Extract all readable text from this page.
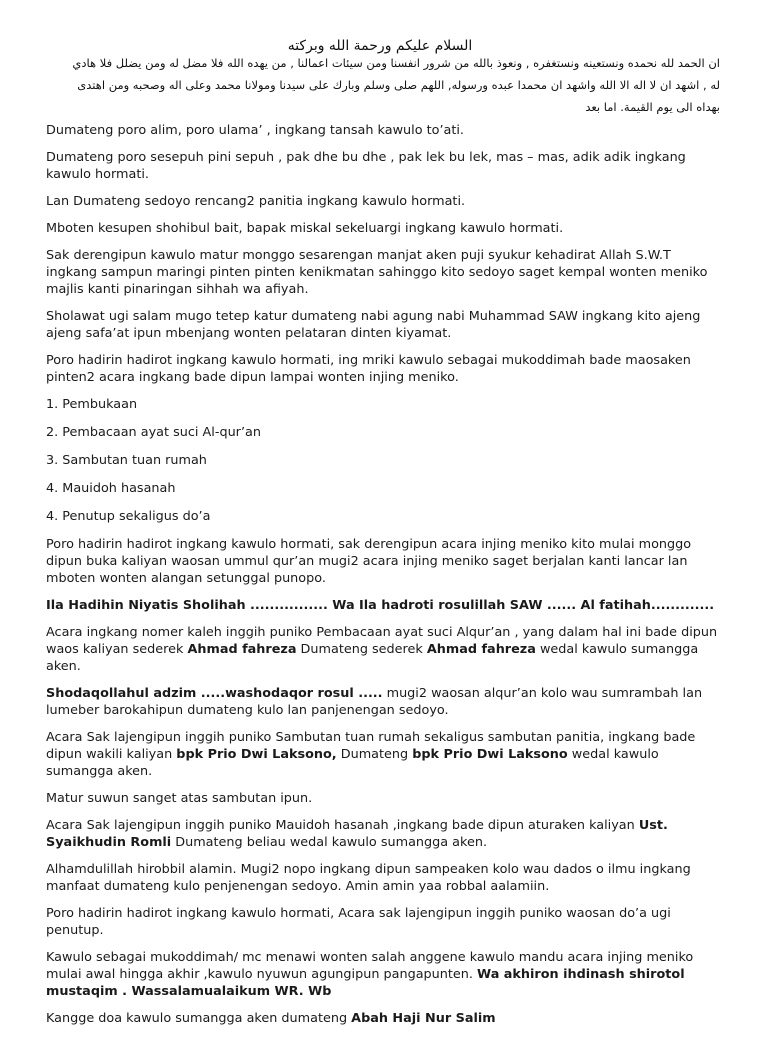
السلام عليكم ورحمة الله وبركته
ان الحمد لله نحمده ونستعينه ونستغفره , ونعوذ بالله من شرور انفسنا ومن سيئات اعمالنا , من يهده الله فلا مضل له ومن يضلل فلا هادي
له , اشهد ان لا اله الا الله واشهد ان محمدا عبده ورسوله, اللهم صلى وسلم وبارك على سيدنا ومولانا محمد وعلى اله وصحبه ومن اهتدى
بهداه الى يوم القيمة. اما بعد

Dumateng poro alim, poro ulama’ , ingkang tansah kawulo to’ati.

Dumateng poro sesepuh pini sepuh , pak dhe bu dhe , pak lek bu lek, mas – mas, adik adik ingkang kawulo hormati.

Lan Dumateng sedoyo rencang2 panitia ingkang kawulo hormati.

Mboten kesupen shohibul bait, bapak miskal sekeluargi ingkang kawulo hormati.

Sak derengipun kawulo matur monggo sesarengan manjat aken puji syukur kehadirat Allah S.W.T ingkang sampun maringi pinten pinten kenikmatan sahinggo kito sedoyo saget kempal wonten meniko majlis kanti pinaringan sihhah wa afiyah.

Sholawat ugi salam mugo tetep katur dumateng nabi agung nabi Muhammad SAW ingkang kito ajeng ajeng safa’at ipun mbenjang wonten pelataran dinten kiyamat.

Poro hadirin hadirot ingkang kawulo hormati, ing mriki kawulo sebagai mukoddimah bade maosaken pinten2 acara ingkang bade dipun lampai wonten injing meniko.

1. Pembukaan

2. Pembacaan ayat suci Al-qur’an

3. Sambutan tuan rumah

4. Mauidoh hasanah

4. Penutup sekaligus do’a

Poro hadirin hadirot ingkang kawulo hormati, sak derengipun acara injing meniko kito mulai monggo dipun buka kaliyan waosan ummul qur’an mugi2 acara injing meniko saget berjalan kanti lancar lan mboten wonten alangan setunggal punopo.

Ila Hadihin Niyatis Sholihah ................ Wa Ila hadroti rosulillah SAW ...... Al fatihah.............

Acara ingkang nomer kaleh inggih puniko Pembacaan ayat suci Alqur’an , yang dalam hal ini bade dipun waos kaliyan sederek Ahmad fahreza Dumateng sederek Ahmad fahreza wedal kawulo sumangga aken.

Shodaqollahul adzim .....washodaqor rosul ..... mugi2 waosan alqur’an kolo wau sumrambah lan lumeber barokahipun dumateng kulo lan panjenengan sedoyo.

Acara Sak lajengipun inggih puniko Sambutan tuan rumah sekaligus sambutan panitia, ingkang bade dipun wakili kaliyan bpk Prio Dwi Laksono, Dumateng bpk Prio Dwi Laksono wedal kawulo sumangga aken.

Matur suwun sanget atas sambutan ipun.

Acara Sak lajengipun inggih puniko Mauidoh hasanah ,ingkang bade dipun aturaken kaliyan Ust. Syaikhudin Romli Dumateng beliau wedal kawulo sumangga aken.

Alhamdulillah hirobbil alamin. Mugi2 nopo ingkang dipun sampeaken kolo wau dados o ilmu ingkang manfaat dumateng kulo penjenengan sedoyo. Amin amin yaa robbal aalamiin.

Poro hadirin hadirot ingkang kawulo hormati, Acara sak lajengipun inggih puniko waosan do’a ugi penutup.

Kawulo sebagai mukoddimah/ mc menawi wonten salah anggene kawulo mandu acara injing meniko mulai awal hingga akhir ,kawulo nyuwun agungipun pangapunten. Wa akhiron ihdinash shirotol mustaqim . Wassalamualaikum WR. Wb

Kangge doa kawulo sumangga aken dumateng Abah Haji Nur Salim
